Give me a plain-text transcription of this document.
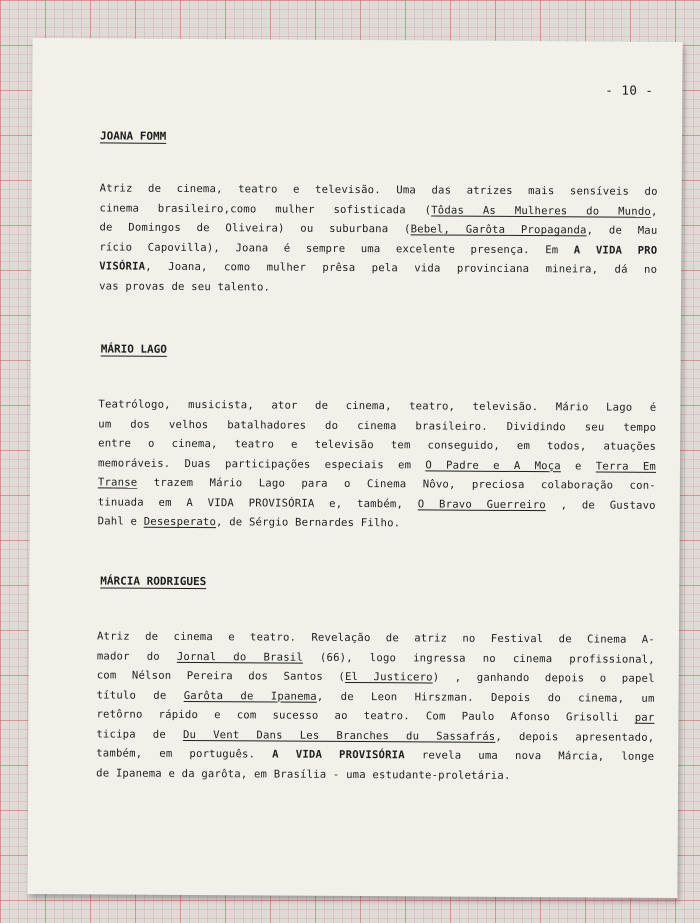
- 10 -
JOANA FOMM
Atriz de cinema, teatro e televisão. Uma das atrizes mais sensíveis do
cinema brasileiro,como mulher sofisticada (Tôdas As Mulheres do Mundo,
de Domingos de Oliveira) ou suburbana (Bebel, Garôta Propaganda, de Mau
rício Capovilla), Joana é sempre uma excelente presença. Em A VIDA PRO
VISÓRIA, Joana, como mulher prêsa pela vida provinciana mineira, dá no
vas provas de seu talento.
MÁRIO LAGO
Teatrólogo, musicista, ator de cinema, teatro, televisão. Mário Lago é
um dos velhos batalhadores do cinema brasileiro. Dividindo seu tempo
entre o cinema, teatro e televisão tem conseguido, em todos, atuações
memoráveis. Duas participações especiais em O Padre e A Moça e Terra Em
Transe trazem Mário Lago para o Cinema Nôvo, preciosa colaboração con-
tinuada em A VIDA PROVISÓRIA e, também, O Bravo Guerreiro , de Gustavo
Dahl e Desesperato, de Sérgio Bernardes Filho.
MÁRCIA RODRIGUES
Atriz de cinema e teatro. Revelação de atriz no Festival de Cinema A-
mador do Jornal do Brasil (66), logo ingressa no cinema profissional,
com Nélson Pereira dos Santos (El Justicero) , ganhando depois o papel
título de Garôta de Ipanema, de Leon Hirszman. Depois do cinema, um
retôrno rápido e com sucesso ao teatro. Com Paulo Afonso Grisolli par
ticipa de Du Vent Dans Les Branches du Sassafrás, depois apresentado,
também, em português. A VIDA PROVISÓRIA revela uma nova Márcia, longe
de Ipanema e da garôta, em Brasília - uma estudante-proletária.
